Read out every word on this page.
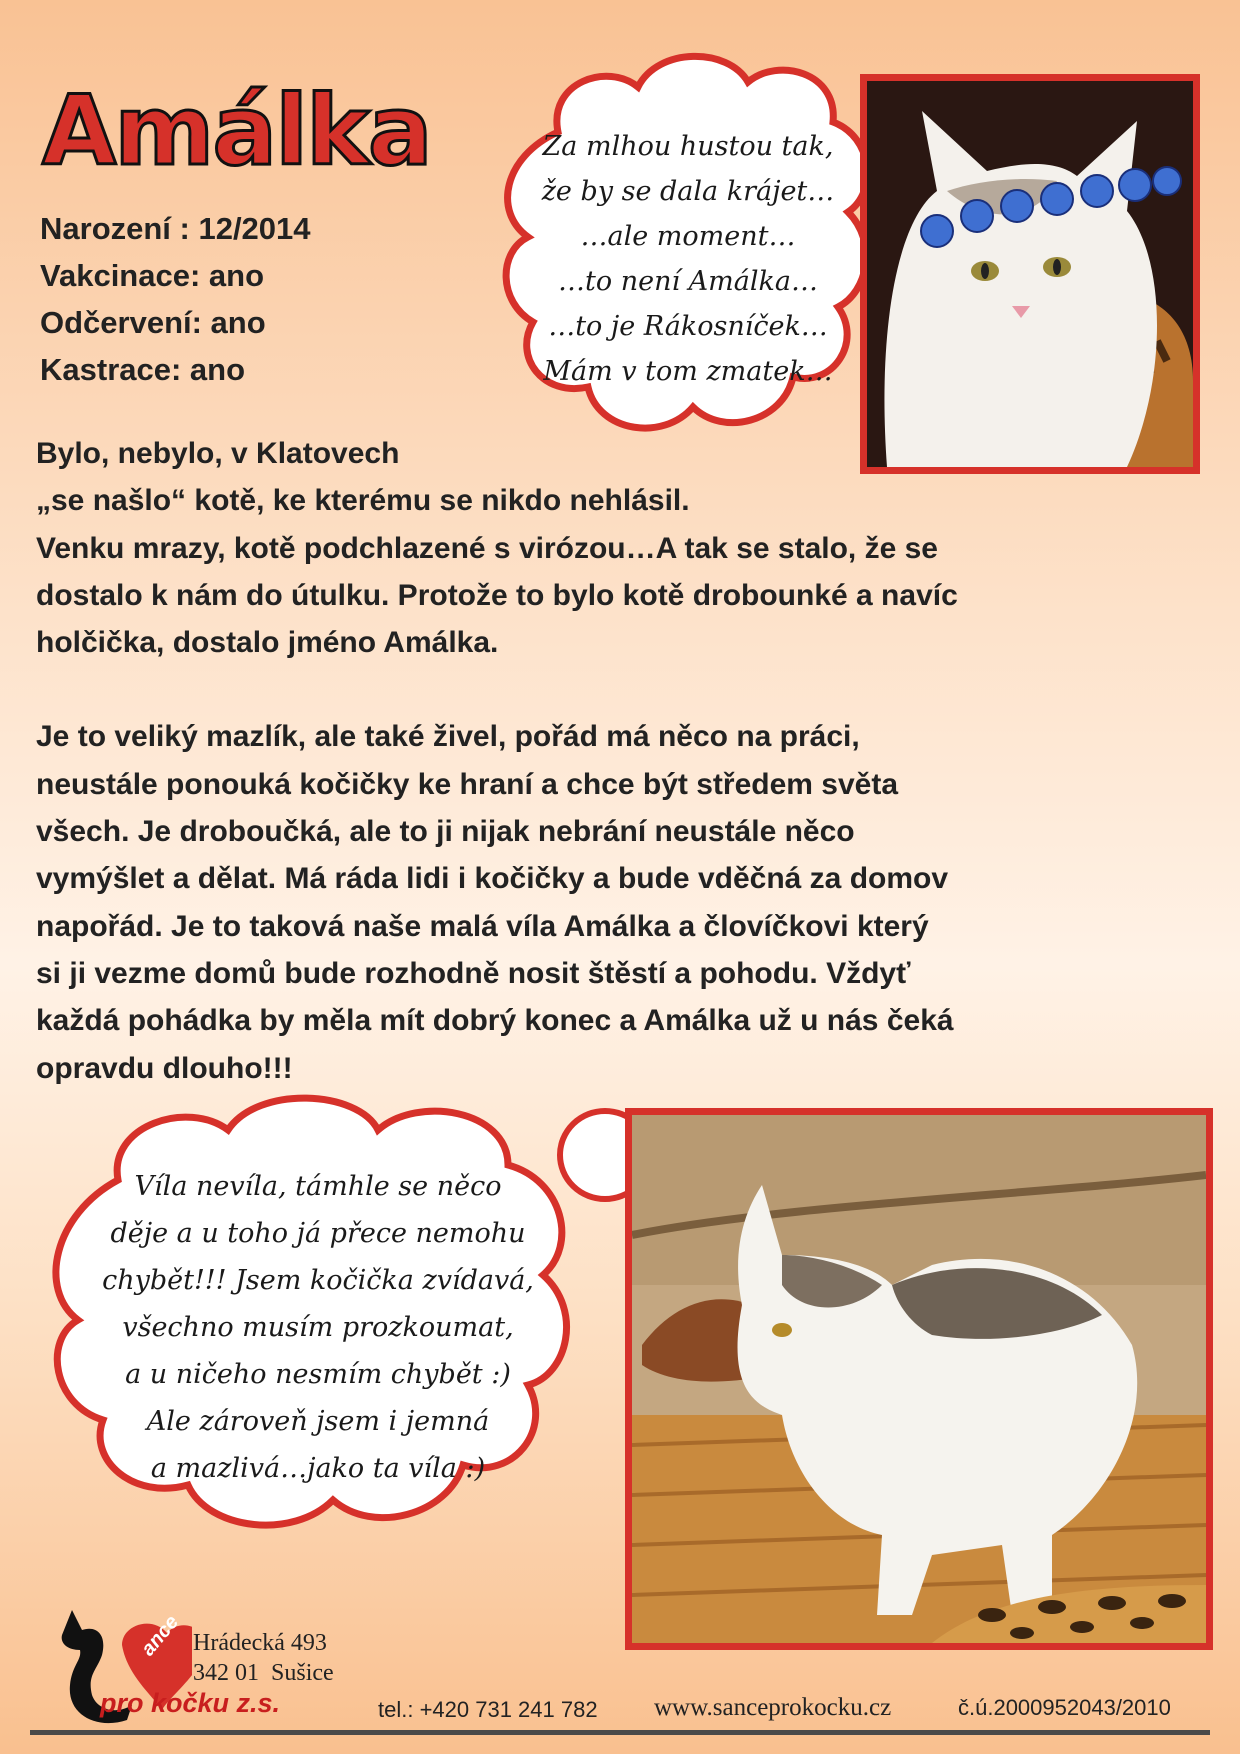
Amálka
Narození : 12/2014
Vakcinace: ano
Odčervení: ano
Kastrace: ano
Za mlhou hustou tak,
že by se dala krájet…
…ale moment…
…to není Amálka…
…to je Rákosníček…
Mám v tom zmatek…

Bylo, nebylo, v Klatovech
„se našlo“ kotě, ke kterému se nikdo nehlásil.
Venku mrazy, kotě podchlazené s virózou…A tak se stalo, že se
dostalo k nám do útulku. Protože to bylo kotě drobounké a navíc
holčička, dostalo jméno Amálka.

Je to veliký mazlík, ale také živel, pořád má něco na práci,
neustále ponouká kočičky ke hraní a chce být středem světa
všech. Je droboučká, ale to ji nijak nebrání neustále něco
vymýšlet a dělat. Má ráda lidi i kočičky a bude vděčná za domov
napořád. Je to taková naše malá víla Amálka a človíčkovi který
si ji vezme domů bude rozhodně nosit štěstí a pohodu. Vždyť
každá pohádka by měla mít dobrý konec a Amálka už u nás čeká
opravdu dlouho!!!

Víla nevíla, támhle se něco
děje a u toho já přece nemohu
chybět!!! Jsem kočička zvídavá,
všechno musím prozkoumat,
a u ničeho nesmím chybět :)
Ale zároveň jsem i jemná
a mazlivá…jako ta víla :)
ance
pro kočku z.s.
Hrádecká 493
342 01  Sušice
tel.: +420 731 241 782 www.sanceprokocku.cz	č.ú.2000952043/2010
